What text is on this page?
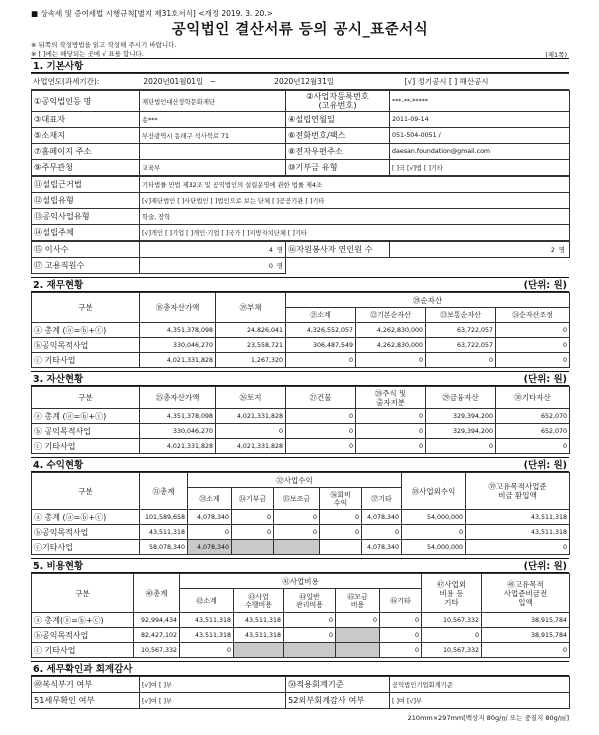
■ 상속세 및 증여세법 시행규칙[별지 제31호서식] <개정 2019. 3. 20.>
공익법인 결산서류 등의 공시_표준서식
※ 뒤쪽의 작성방법을 읽고 작성해 주시기 바랍니다.
※ [ ]에는 해당되는 곳에 √ 표를 합니다.	(제1쪽)
1. 기본사항
사업연도(과세기간):	2020년01월01일 ~	2020년12월31일	[√] 정기공시 [ ] 해산공시
①공익법인등 명	재단법인대산장학문화재단	②사업자등록번호
(고유번호)	***-**-*****
③대표자	송***	④설립연월일	2011-09-14
⑤소재지	부산광역시 동래구 석사북로 71	⑥전화번호/팩스	051-504-0051 /
⑦홈페이지 주소		⑧전자우편주소	daesan.foundation@gmail.com
⑨주무관청	교육부	⑩기부금 유형	[ ]국 [√]법 [ ]기타
⑪설립근거법	기타법률 민법 제32조 및 공익법인의 설립운영에 관한 법률 제4조
⑫설립유형	[√]재단법인 [ ]사단법인 [ ]법인으로 보는 단체 [ ]공공기관 [ ]기타
⑬공익사업유형	학술, 장학
⑭설립주체	[√]개인 [ ]기업 [ ]개인·기업 [ ]국가 [ ]지방자치단체 [ ]기타
⑮ 이사수	4 명	⑯자원봉사자 연인원 수	2 명
⑰ 고용직원수	0 명		
2. 재무현황	(단위: 원)
구분	⑱총자산가액	⑲부채	⑳순자산			
			㉑소계	㉒기본순자산	㉓보통순자산	㉔순자산조정
ⓐ 총계 (ⓐ=ⓑ+ⓒ)	4,351,378,098	24,826,041	4,326,552,057	4,262,830,000	63,722,057	0
ⓑ공익목적사업	330,046,270	23,558,721	306,487,549	4,262,830,000	63,722,057	0
ⓒ 기타사업	4,021,331,828	1,267,320	0	0	0	0
3. 자산현황	(단위: 원)
구분	㉕총자산가액	㉖토지	㉗건물	㉘주식 및
출자지분	㉙금융자산	㉚기타자산
ⓐ 총계 (ⓐ=ⓑ+ⓒ)	4,351,378,098	4,021,331,828	0	0	329,394,200	652,070
ⓑ 공익목적사업	330,046,270	0	0	0	329,394,200	652,070
ⓒ 기타사업	4,021,331,828	4,021,331,828	0	0	0	0
4. 수익현황	(단위: 원)
구분	㉛총계	㉜사업수익					㊳사업외수익	㊴고유목적사업준
비금 환입액
		㉝소계	㉞기부금	㉟보조금	㊱회비
수익	㊲기타		
ⓐ 총계 (ⓐ=ⓑ+ⓒ)	101,589,658	4,078,340	0	0	0	4,078,340	54,000,000	43,511,318
ⓑ공익목적사업	43,511,318	0	0	0	0	0	0	43,511,318
ⓒ기타사업	58,078,340	4,078,340				4,078,340	54,000,000	0
5. 비용현황	(단위: 원)
구분	㊵총계	㊶사업비용					㊼사업외
비용 등
기타	㊽고유목적
사업준비금전
입액
		㊷소계	㊸사업
수행비용	㊹일반
관리비용	㊺모금
비용	㊻기타		
ⓐ 총계(ⓐ=ⓑ+ⓒ)	92,994,434	43,511,318	43,511,318	0	0	0	10,567,332	38,915,784
ⓑ공익목적사업	82,427,102	43,511,318	43,511,318	0		0	0	38,915,784
ⓒ 기타사업	10,567,332	0				0	10,567,332	0
6. 세무확인과 회계감사
㊾복식부기 여부	[√]여 [ ]부	㊿적용회계기준	공익법인기업회계기준
51세무확인 여부	[√]여 [ ]부	52외부회계감사 여부	[ ]여 [√]부
210mm×297mm[백상지 80g/㎡ 또는 중질지 80g/㎡]
